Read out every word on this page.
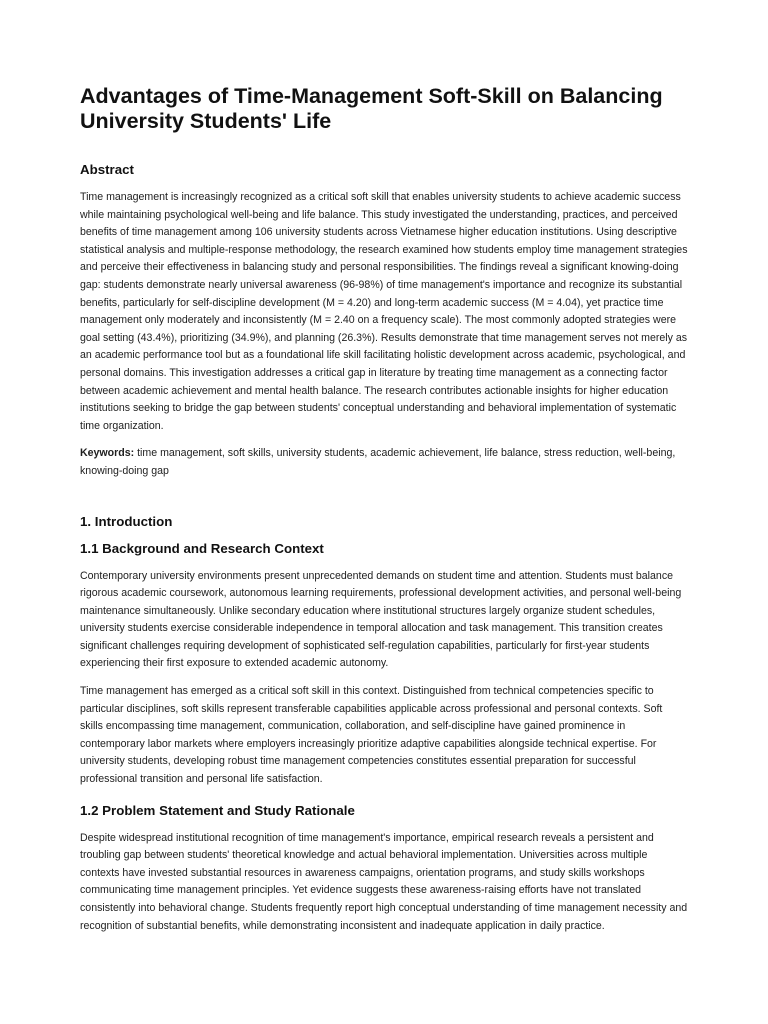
Advantages of Time-Management Soft-Skill on Balancing University Students' Life
Abstract

Time management is increasingly recognized as a critical soft skill that enables university students to achieve academic success while maintaining psychological well-being and life balance. This study investigated the understanding, practices, and perceived benefits of time management among 106 university students across Vietnamese higher education institutions. Using descriptive statistical analysis and multiple-response methodology, the research examined how students employ time management strategies and perceive their effectiveness in balancing study and personal responsibilities. The findings reveal a significant knowing-doing gap: students demonstrate nearly universal awareness (96-98%) of time management's importance and recognize its substantial benefits, particularly for self-discipline development (M = 4.20) and long-term academic success (M = 4.04), yet practice time management only moderately and inconsistently (M = 2.40 on a frequency scale). The most commonly adopted strategies were goal setting (43.4%), prioritizing (34.9%), and planning (26.3%). Results demonstrate that time management serves not merely as an academic performance tool but as a foundational life skill facilitating holistic development across academic, psychological, and personal domains. This investigation addresses a critical gap in literature by treating time management as a connecting factor between academic achievement and mental health balance. The research contributes actionable insights for higher education institutions seeking to bridge the gap between students' conceptual understanding and behavioral implementation of systematic time organization.

Keywords: time management, soft skills, university students, academic achievement, life balance, stress reduction, well-being, knowing-doing gap

1. Introduction
1.1 Background and Research Context

Contemporary university environments present unprecedented demands on student time and attention. Students must balance rigorous academic coursework, autonomous learning requirements, professional development activities, and personal well-being maintenance simultaneously. Unlike secondary education where institutional structures largely organize student schedules, university students exercise considerable independence in temporal allocation and task management. This transition creates significant challenges requiring development of sophisticated self-regulation capabilities, particularly for first-year students experiencing their first exposure to extended academic autonomy.

Time management has emerged as a critical soft skill in this context. Distinguished from technical competencies specific to particular disciplines, soft skills represent transferable capabilities applicable across professional and personal contexts. Soft skills encompassing time management, communication, collaboration, and self-discipline have gained prominence in contemporary labor markets where employers increasingly prioritize adaptive capabilities alongside technical expertise. For university students, developing robust time management competencies constitutes essential preparation for successful professional transition and personal life satisfaction.

1.2 Problem Statement and Study Rationale

Despite widespread institutional recognition of time management's importance, empirical research reveals a persistent and troubling gap between students' theoretical knowledge and actual behavioral implementation. Universities across multiple contexts have invested substantial resources in awareness campaigns, orientation programs, and study skills workshops communicating time management principles. Yet evidence suggests these awareness-raising efforts have not translated consistently into behavioral change. Students frequently report high conceptual understanding of time management necessity and recognition of substantial benefits, while demonstrating inconsistent and inadequate application in daily practice.
